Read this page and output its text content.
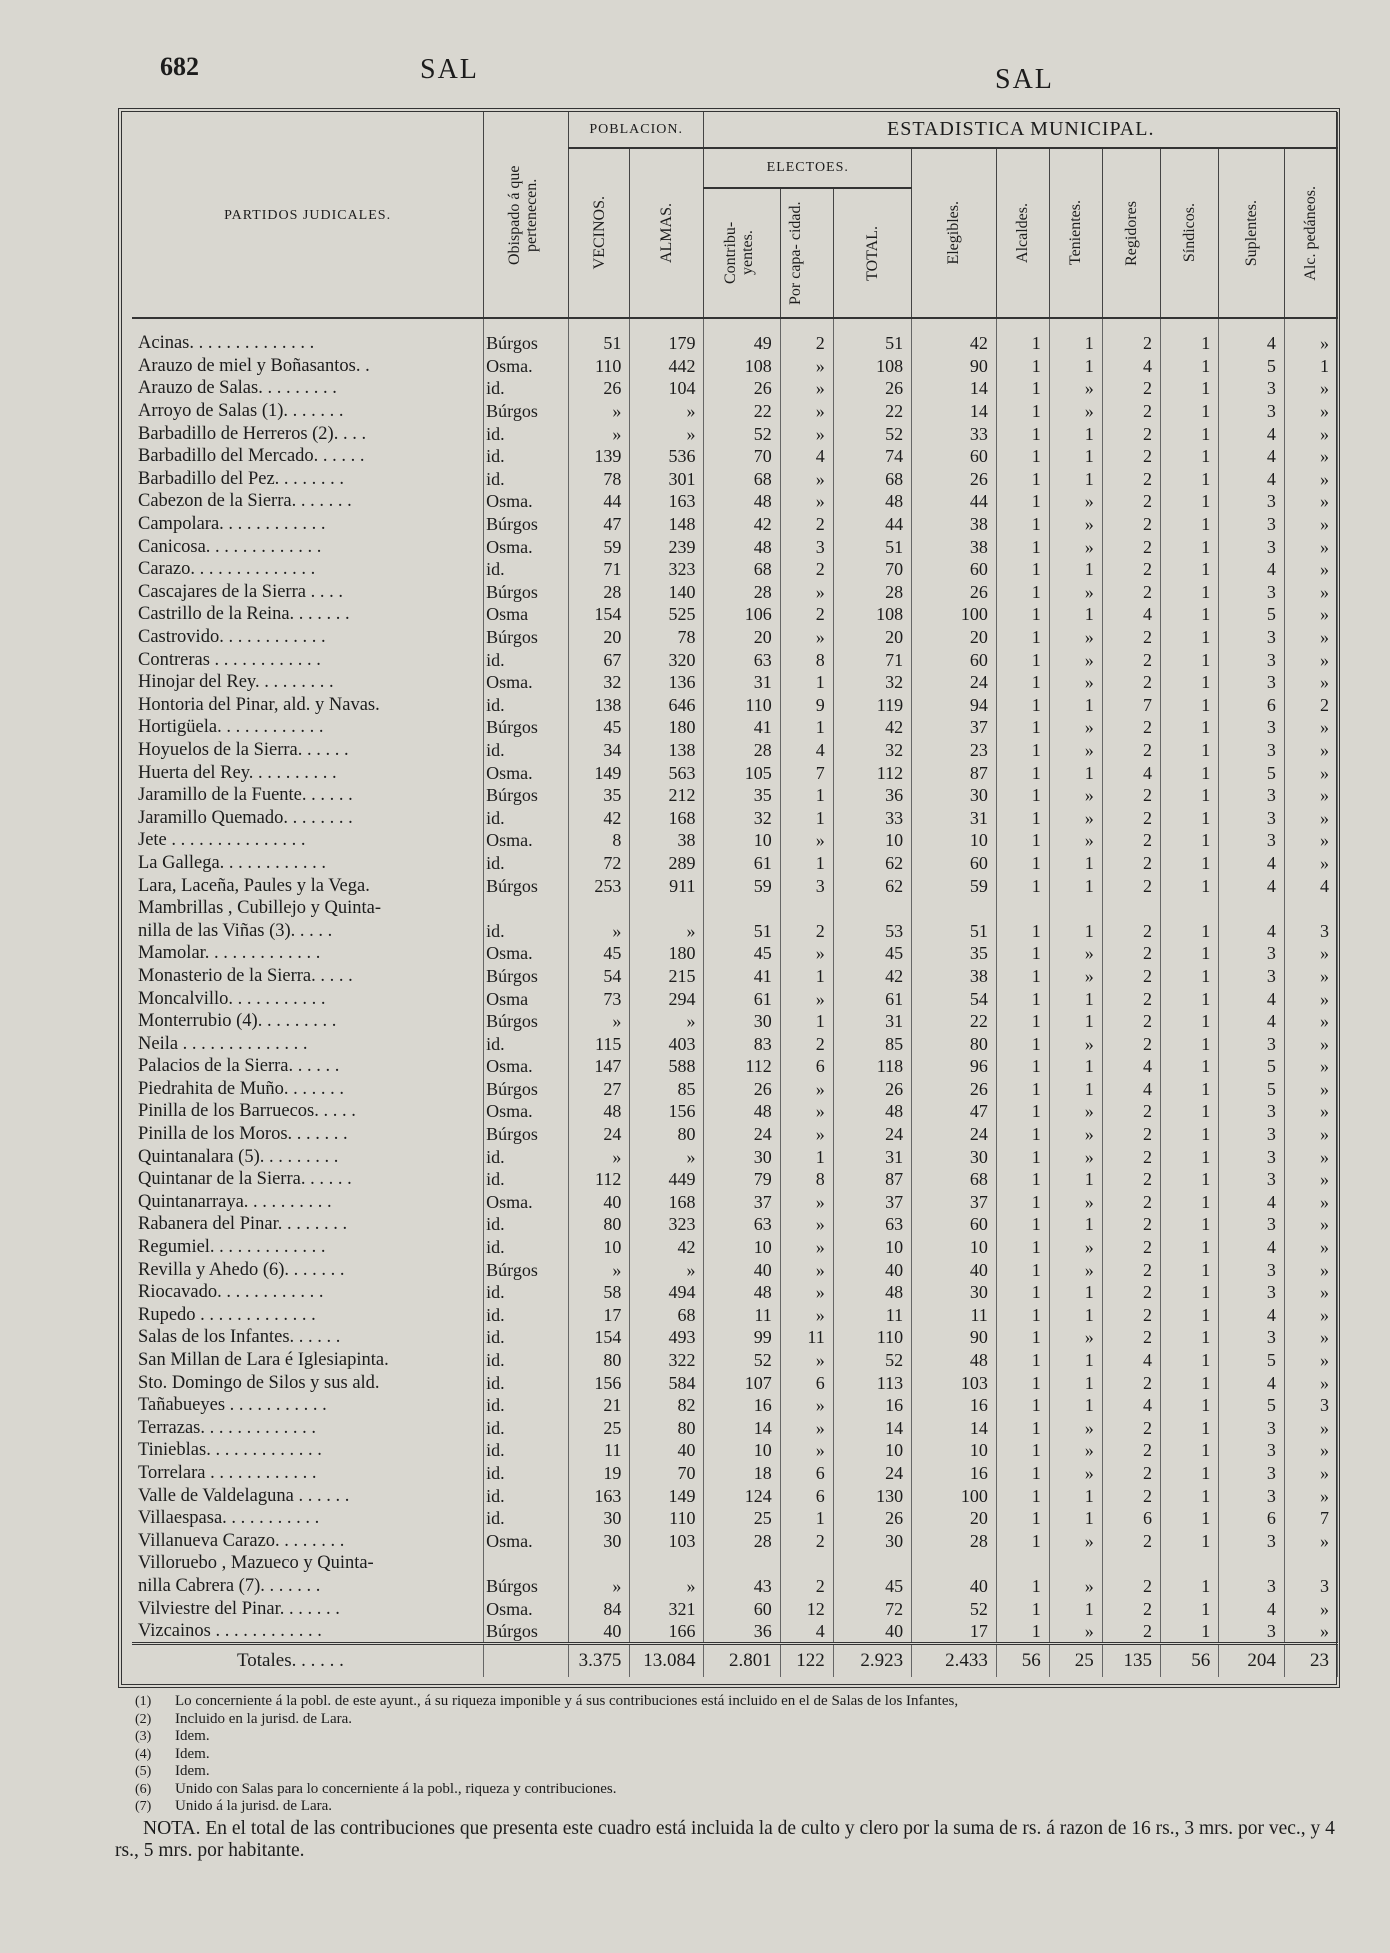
682	SAL	SAL
PARTIDOS JUDICALES.	Obispado á que pertenecen.	POBLACION.		ESTADISTICA MUNICIPAL.									

		VECINOS.	ALMAS.	ELECTOES.			Elegibles.	Alcaldes.	Tenientes.	Regidores	Síndicos.	Suplentes.	Alc. pedáneos.

				Contribu- yentes.	Por capa- cidad.	TOTAL.							

Acinas. . . . . . . . . . . . . .	Búrgos	51	179	49	2	51	42	1	1	2	1	4	»
Arauzo de miel y Boñasantos. .	Osma.	110	442	108	»	108	90	1	1	4	1	5	1
Arauzo de Salas. . . . . . . . .	id.	26	104	26	»	26	14	1	»	2	1	3	»
Arroyo de Salas (1). . . . . . .	Búrgos	»	»	22	»	22	14	1	»	2	1	3	»
Barbadillo de Herreros (2). . . .	id.	»	»	52	»	52	33	1	1	2	1	4	»
Barbadillo del Mercado. . . . . .	id.	139	536	70	4	74	60	1	1	2	1	4	»
Barbadillo del Pez. . . . . . . .	id.	78	301	68	»	68	26	1	1	2	1	4	»
Cabezon de la Sierra. . . . . . .	Osma.	44	163	48	»	48	44	1	»	2	1	3	»
Campolara. . . . . . . . . . . .	Búrgos	47	148	42	2	44	38	1	»	2	1	3	»
Canicosa. . . . . . . . . . . . .	Osma.	59	239	48	3	51	38	1	»	2	1	3	»
Carazo. . . . . . . . . . . . . .	id.	71	323	68	2	70	60	1	1	2	1	4	»
Cascajares de la Sierra . . . .	Búrgos	28	140	28	»	28	26	1	»	2	1	3	»
Castrillo de la Reina. . . . . . .	Osma	154	525	106	2	108	100	1	1	4	1	5	»
Castrovido. . . . . . . . . . . .	Búrgos	20	78	20	»	20	20	1	»	2	1	3	»
Contreras . . . . . . . . . . . .	id.	67	320	63	8	71	60	1	»	2	1	3	»
Hinojar del Rey. . . . . . . . .	Osma.	32	136	31	1	32	24	1	»	2	1	3	»
Hontoria del Pinar, ald. y Navas.	id.	138	646	110	9	119	94	1	1	7	1	6	2
Hortigüela. . . . . . . . . . . .	Búrgos	45	180	41	1	42	37	1	»	2	1	3	»
Hoyuelos de la Sierra. . . . . .	id.	34	138	28	4	32	23	1	»	2	1	3	»
Huerta del Rey. . . . . . . . . .	Osma.	149	563	105	7	112	87	1	1	4	1	5	»
Jaramillo de la Fuente. . . . . .	Búrgos	35	212	35	1	36	30	1	»	2	1	3	»
Jaramillo Quemado. . . . . . . .	id.	42	168	32	1	33	31	1	»	2	1	3	»
Jete . . . . . . . . . . . . . . .	Osma.	8	38	10	»	10	10	1	»	2	1	3	»
La Gallega. . . . . . . . . . . .	id.	72	289	61	1	62	60	1	1	2	1	4	»
Lara, Laceña, Paules y la Vega.	Búrgos	253	911	59	3	62	59	1	1	2	1	4	4
Mambrillas , Cubillejo y Quinta-													
nilla de las Viñas (3). . . . .	id.	»	»	51	2	53	51	1	1	2	1	4	3
Mamolar. . . . . . . . . . . . .	Osma.	45	180	45	»	45	35	1	»	2	1	3	»
Monasterio de la Sierra. . . . .	Búrgos	54	215	41	1	42	38	1	»	2	1	3	»
Moncalvillo. . . . . . . . . . .	Osma	73	294	61	»	61	54	1	1	2	1	4	»
Monterrubio (4). . . . . . . . .	Búrgos	»	»	30	1	31	22	1	1	2	1	4	»
Neila . . . . . . . . . . . . . .	id.	115	403	83	2	85	80	1	»	2	1	3	»
Palacios de la Sierra. . . . . .	Osma.	147	588	112	6	118	96	1	1	4	1	5	»
Piedrahita de Muño. . . . . . .	Búrgos	27	85	26	»	26	26	1	1	4	1	5	»
Pinilla de los Barruecos. . . . .	Osma.	48	156	48	»	48	47	1	»	2	1	3	»
Pinilla de los Moros. . . . . . .	Búrgos	24	80	24	»	24	24	1	»	2	1	3	»
Quintanalara (5). . . . . . . . .	id.	»	»	30	1	31	30	1	»	2	1	3	»
Quintanar de la Sierra. . . . . .	id.	112	449	79	8	87	68	1	1	2	1	3	»
Quintanarraya. . . . . . . . . .	Osma.	40	168	37	»	37	37	1	»	2	1	4	»
Rabanera del Pinar. . . . . . . .	id.	80	323	63	»	63	60	1	1	2	1	3	»
Regumiel. . . . . . . . . . . . .	id.	10	42	10	»	10	10	1	»	2	1	4	»
Revilla y Ahedo (6). . . . . . .	Búrgos	»	»	40	»	40	40	1	»	2	1	3	»
Riocavado. . . . . . . . . . . .	id.	58	494	48	»	48	30	1	1	2	1	3	»
Rupedo . . . . . . . . . . . . .	id.	17	68	11	»	11	11	1	1	2	1	4	»
Salas de los Infantes. . . . . .	id.	154	493	99	11	110	90	1	»	2	1	3	»
San Millan de Lara é Iglesiapinta.	id.	80	322	52	»	52	48	1	1	4	1	5	»
Sto. Domingo de Silos y sus ald.	id.	156	584	107	6	113	103	1	1	2	1	4	»
Tañabueyes . . . . . . . . . . .	id.	21	82	16	»	16	16	1	1	4	1	5	3
Terrazas. . . . . . . . . . . . .	id.	25	80	14	»	14	14	1	»	2	1	3	»
Tinieblas. . . . . . . . . . . . .	id.	11	40	10	»	10	10	1	»	2	1	3	»
Torrelara . . . . . . . . . . . .	id.	19	70	18	6	24	16	1	»	2	1	3	»
Valle de Valdelaguna . . . . . .	id.	163	149	124	6	130	100	1	1	2	1	3	»
Villaespasa. . . . . . . . . . .	id.	30	110	25	1	26	20	1	1	6	1	6	7
Villanueva Carazo. . . . . . . .	Osma.	30	103	28	2	30	28	1	»	2	1	3	»
Villoruebo , Mazueco y Quinta-													
nilla Cabrera (7). . . . . . .	Búrgos	»	»	43	2	45	40	1	»	2	1	3	3
Vilviestre del Pinar. . . . . . .	Osma.	84	321	60	12	72	52	1	1	2	1	4	»
Vizcainos . . . . . . . . . . . .	Búrgos	40	166	36	4	40	17	1	»	2	1	3	»
Totales. . . . . .		3.375	13.084	2.801	122	2.923	2.433	56	25	135	56	204	23
(1)	Lo concerniente á la pobl. de este ayunt., á su riqueza imponible y á sus contribuciones está incluido en el de Salas de los Infantes,
(2)	Incluido en la jurisd. de Lara.
(3)	Idem.
(4)	Idem.
(5)	Idem.
(6)	Unido con Salas para lo concerniente á la pobl., riqueza y contribuciones.
(7)	Unido á la jurisd. de Lara.
NOTA. En el total de las contribuciones que presenta este cuadro está incluida la de culto y clero por la suma de rs. á razon de 16 rs., 3 mrs. por vec., y 4 rs., 5 mrs. por habitante.
